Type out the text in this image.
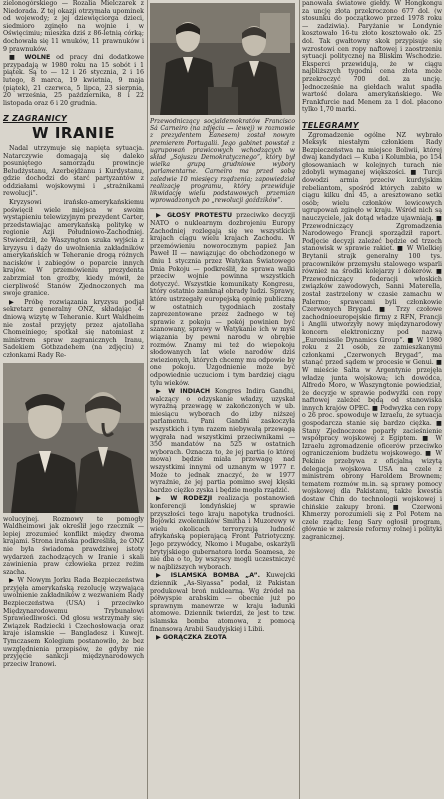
zielonogórskiego — Rozalia Mielczarek z Niedorada. Z tej okazji otrzymała upominek od wojewody; z jej dziewięciorga dzieci, siedmioro zginęło na wojnie i w Oświęcimiu; mieszka dziś z 86-letnią córką; dochowała się 11 wnuków, 11 prawnuków i 9 prawnuków.

■ WOLNE od pracy dni dodatkowe przypadają w 1980 roku na 15 sobót i 1 piątek. Są to — 12 i 26 stycznia, 2 i 16 lutego, 8 marca, 19 kwietnia, 9 maja (piątek), 21 czerwca, 5 lipca, 23 sierpnia, 20 września, 25 października, 8 i 22 listopada oraz 6 i 20 grudnia.

Z ZAGRANICY
W IRANIE

Nadal utrzymuje się napięta sytuacja. Natarczywie domagają się daleko posuniętego samorządu prowincje Beludżystanu, Azerbejdżanu i Kurdystanu, gdzie dochodzi do starć partyzantów z oddziałami wojskowymi i „strażnikami rewolucji”.

Kryzysowi irańsko-amerykańskiemu poświęcił wiele miejsca w swoim wystąpieniu telewizyjnym prezydent Carter, przedstawiając amerykańską politykę w regionie Azji Południowo-Zachodniej. Stwierdził, że Waszyngton szuka wyjścia z kryzysu i dąży do uwolnienia zakładników amerykańskich w Teheranie drogą różnych nacisków i zabiegów o poparcie innych krajów. W przemówieniu prezydenta zabrzmiał ton groźby, kiedy mówił, że cierpliwość Stanów Zjednoczonych ma swoje granice.

▶ Próbę rozwiązania kryzysu podjął sekretarz generalny ONZ, składając 4-dniową wizytę w Teheranie. Kurt Waldheim nie został przyjęty przez ajatollaha Chomeiniego; spotkał się natomiast z ministrem spraw zagranicznych Iranu, Sadekiem Gotbzadehem (na zdjęciu) z członkami Rady Re-

wolucyjnej. Rozmowy te pomogły Waldheimowi jak określił jego rzecznik — lepiej zrozumieć konflikt między dwoma krajami. Strona irańska podkreśliła, że ONZ nie była świadoma prawdziwej istoty wydarzeń zachodzących w Iranie i skali zawinienia praw człowieka przez reżim szacha.

▶ W Nowym Jorku Rada Bezpieczeństwa przyjęła amerykańską rezolucję wzywającą uwolnienie zakładników z wezwaniem Rady Bezpieczeństwa (USA) i przeciwko Międzynarodowemu Trybunałowi Sprawiedliwości. Od głosu wstrzymały się: Związek Radziecki i Czechosłowacja oraz kraje islamskie — Bangladesz i Kuwejt. Tymczasem Kolegium postanowiło, że bez uwzględnienia przepisów, że gdyby nie przyjęcie sankcji międzynarodowych przeciw Iranowi.

Przewodniczący socjaldemokratów Francisco Sá Carneiro (na zdjęciu — lewej) w rozmowie z prezydentem Eanesem) został nowym premierem Portugalii. Jego gabinet powstał z ugrupowań prawicowych wchodzących w skład „Sojuszu Demokratycznego”, który był wielka grupą grudniowe wybory parlamentarne. Carneiro ma przed sobą zaledwie 10 miesięcy rządzenia; zapowiedział realizację programu, który przewiduje likwidację wielu podstawowych przemian wprowadzonych po „rewolucji goździków”.

▶ GŁOSY PROTESTU przeciwko decyzji NATO o nuklearnym dozbrojeniu Europy Zachodniej rozlegają się we wszystkich krajach ciągu wielu krajach Zachodu. W przemówieniu noworocznym papież Jan Paweł II — nawiązując do obchodzonego w dniu 1 stycznia przez Watykan Światowego Dnia Pokoju — podkreślił, że sprawa walki przeciw wojnie powinna wszystkich dotyczyć. Wszystkie komunikaty Kongresu, który ostatnio zamknął obrady ludzi. Sprawy, które ustrzegały europejską opinię publiczną w ostatnich tygodniach zostały zaprezentowane przez żadnego w tej sprawie z pokoju — pokój powinien być szanowany, sprawy w Watykanie ich w myśl wiązania by pewni narodu w obrębie rozmów. Znamy mi też do wiepokoju słodowanych lat wiele narodów dziś zwiezionych, których chcemy mu odpowie by one pokoju. Uzgodnienie może być odpowiednie uczuciom i tym bardziej ciągu tylu wieków.

▶ W INDIACH Kongres Indira Gandhi, walczący o odzyskanie władzy, uzyskał wyraźną przewagę w zakończonych w ub. miesiącu wyborach do izby niższej parlamentu. Pani Gandhi zaskoczyła wszystkich i tym razem niebywałą przewagą wygrała nad wszystkimi przeciwnikami — 350 mandatów na 525 w ostatnich wyborach. Oznacza to, że jej partia (o której mowa) będzie miała przewagę nad wszystkimi innymi od uznanym w 1977 r. Może to jednak znaczyć, że w 1977 wyraźnie, że jej partia pomimo swej klęski bardzo ciężko zyska i będzie mogła rządzić.

▶ W RODEZJI realizacja postanowień konferencji londyńskiej w sprawie przyszłości tego kraju napotyka trudności. Bojówki zwolenników Smitha i Muzorewy w wielu okolicach terroryzują ludność afrykańską popierającą Front Patriotyczny. Jego przywódcy, Nkomo i Mugabe, oskarżyli brytyjskiego gubernatora lorda Soamesa, że nie dba o to, by wszyscy mogli uczestniczyć w najbliższych wyborach.

▶ ISLAMSKA BOMBA „A”. Kuwejcki dziennik „As-Siyassa” podał, iż Pakistan produkował broń nuklearną. Wg źródeł na półwyspie arabskim — obecnie już po sprawnym manewrze w kraju ładunki atomowe. Dziennik twierdzi, że jest to tzw. islamska bomba atomowa, z pomocą finansową Arabii Saudyjskiej i Libii.

▶ GORĄCZKA ZŁOTA

panowała światowe giełdy. W Hongkongu za uncję złota przekroczono 677 dol. (w stosunku do początkowo przed 1978 roku — zadziwia). Paryżanie w Londynie kosztowało 16-tu złoto kosztowało ok. 25 dol. Tak gwałtowny skok przypisuje się wzrostowi cen ropy naftowej i zaostrzeniu sytuacji politycznej na Bliskim Wschodzie. Eksperci przewidują, że w ciągu najbliższych tygodni cena złota może przekroczyć 700 dol. za uncję. Jednocześnie na giełdach walut spadła wartość dolara amerykańskiego. We Frankfurcie nad Menem za 1 dol. płacono tylko 1,70 marki.

TELEGRAMY

Zgromadzenie ogólne NZ wybrało Meksyk niestałym członkiem Rady Bezpieczeństwa na miejsce Boliwii, której dwaj kandydaci — Kuba i Kolumbia, po 154 głosowaniach w kolejnych turach nie zdobyli wymaganej większości. ■ Turcji dowodzi armia przeciw kurdyjskim rebeliantom, spośród których zabito w ciągu kilku dni 45, a aresztowano setki osób; wielu członków lewicowych ugrupowań zginęło w kraju. Wśród nich są nauczyciele, jak dotąd władze ujawniają. ■ Przewodniczący Zgromadzenia Narodowego Francji sporządził raport. Podjęcie decyzji zależeć będzie od trzech stanowisk w sprawie rakiet. ■ W Wielkiej Brytanii strajk generalny 100 tys. pracowników przemysłu stalowego wsparli również na środki kolejarzy i dokerów. ■ Przewodniczący federacji włoskich związków zawodowych, Sanni Materella, został zastrzelony w czasie zamachu w Palermo; sprawcami byli członkowie Czerwonych Brygad. ■ Trzy czołowe zachodnioeuropejskie firmy z RFN, Francji i Anglii utworzyły nowy międzynarodowy koncern elektroniczny pod nazwą „Euromissile Dynamics Group”. ■ W 1980 roku z 21 osób, ze zamieszkanymi członkami „Czerwonych Brygad”, ma stanąć przed sądem w procesie w Genui. ■ W mieście Salta w Argentynie przejęła władzę junta wojskowa; ich dowódca, Alfredo Moro, w Waszyngtonie powiedział, że decyzje w sprawie podwyżki cen ropy naftowej zależeć będą od stanowiska innych krajów OPEC. ■ Podwyżka cen ropy o 26 proc. spowoduje w Izraelu, że sytuacja gospodarcza stanie się bardzo ciężka. ■ Stany Zjednoczone poparły zacieśnienie współpracy wojskowej z Egiptem. ■ W Izraelu zgromadzenie oficerów przeciwko ograniczeniom budżetu wojskowego. ■ W Pekinie przebywa z oficjalną wizytą delegacja wojskowa USA na czele z ministrem obrony Haroldem Brownem; tematem rozmów m.in. są sprawy pomocy wojskowej dla Pakistanu, także kwestia dostaw Chin do technologii wojskowej i chińskie zakupy broni. ■ Czerwoni Khmerzy porozumieli się z Pol Potem na czele rządu; Ieng Sary ogłosił program, głównie w zakresie reformy rolnej i polityki zagranicznej.
